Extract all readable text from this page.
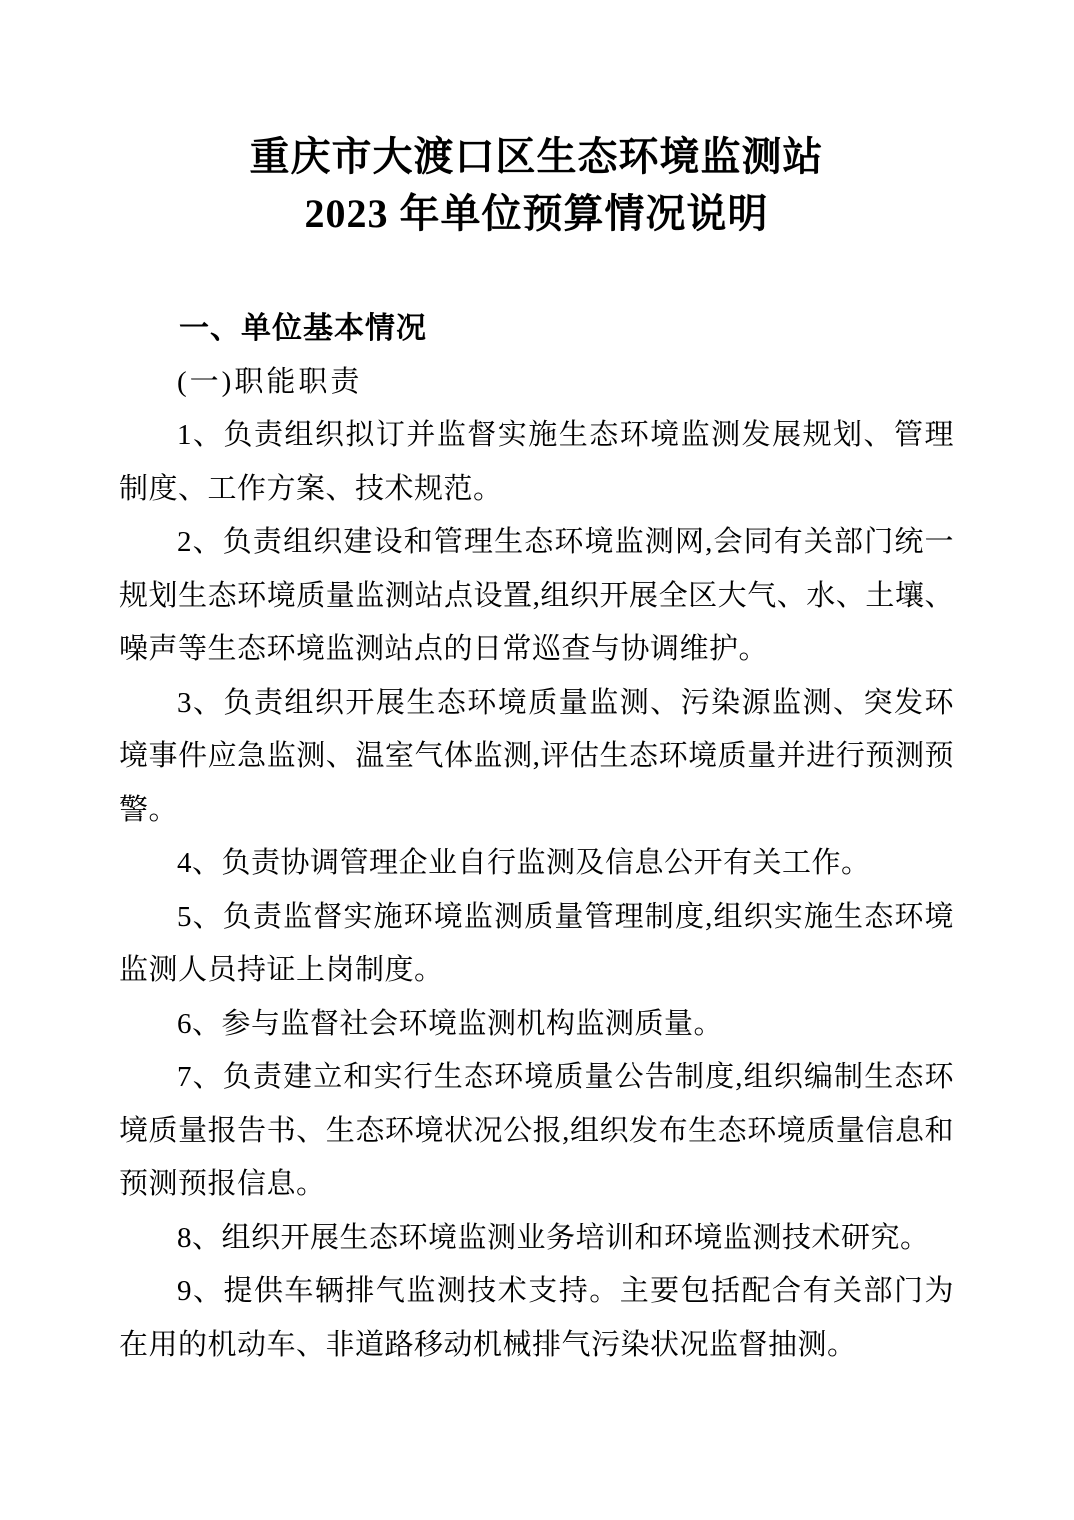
重庆市大渡口区生态环境监测站
2023 年单位预算情况说明
一、单位基本情况

(一)职能职责

1、负责组织拟订并监督实施生态环境监测发展规划、管理制度、工作方案、技术规范。

2、负责组织建设和管理生态环境监测网,会同有关部门统一规划生态环境质量监测站点设置,组织开展全区大气、水、土壤、噪声等生态环境监测站点的日常巡查与协调维护。

3、负责组织开展生态环境质量监测、污染源监测、突发环境事件应急监测、温室气体监测,评估生态环境质量并进行预测预警。

4、负责协调管理企业自行监测及信息公开有关工作。

5、负责监督实施环境监测质量管理制度,组织实施生态环境监测人员持证上岗制度。

6、参与监督社会环境监测机构监测质量。

7、负责建立和实行生态环境质量公告制度,组织编制生态环境质量报告书、生态环境状况公报,组织发布生态环境质量信息和预测预报信息。

8、组织开展生态环境监测业务培训和环境监测技术研究。

9、提供车辆排气监测技术支持。主要包括配合有关部门为在用的机动车、非道路移动机械排气污染状况监督抽测。
